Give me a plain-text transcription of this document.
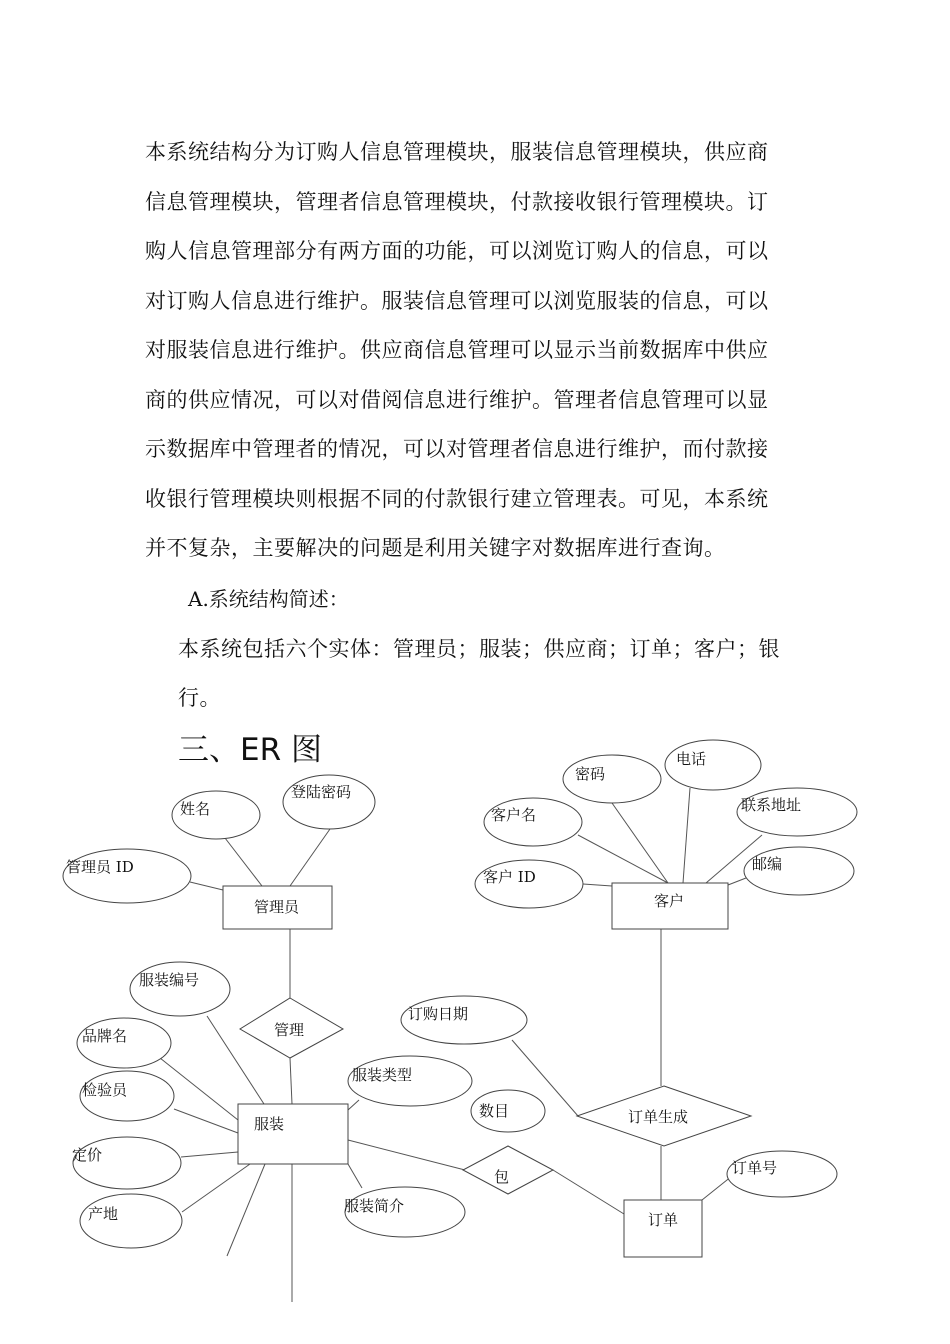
本系统结构分为订购人信息管理模块，服装信息管理模块，供应商
信息管理模块，管理者信息管理模块，付款接收银行管理模块。订
购人信息管理部分有两方面的功能，可以浏览订购人的信息，可以
对订购人信息进行维护。服装信息管理可以浏览服装的信息，可以
对服装信息进行维护。供应商信息管理可以显示当前数据库中供应
商的供应情况，可以对借阅信息进行维护。管理者信息管理可以显
示数据库中管理者的情况，可以对管理者信息进行维护，而付款接
收银行管理模块则根据不同的付款银行建立管理表。可见，本系统
并不复杂，主要解决的问题是利用关键字对数据库进行查询。

A.系统结构简述：

本系统包括六个实体：管理员；服装；供应商；订单；客户；银
行。
三、ER 图
管理员	客户
服装
订单
管理
订单生成
包
姓名
登陆密码
管理员 ID
密码
电话
客户名
联系地址
客户 ID
邮编
服装编号
品牌名
检验员
定价
产地
服装类型
服装简介
订购日期
数目
订单号
